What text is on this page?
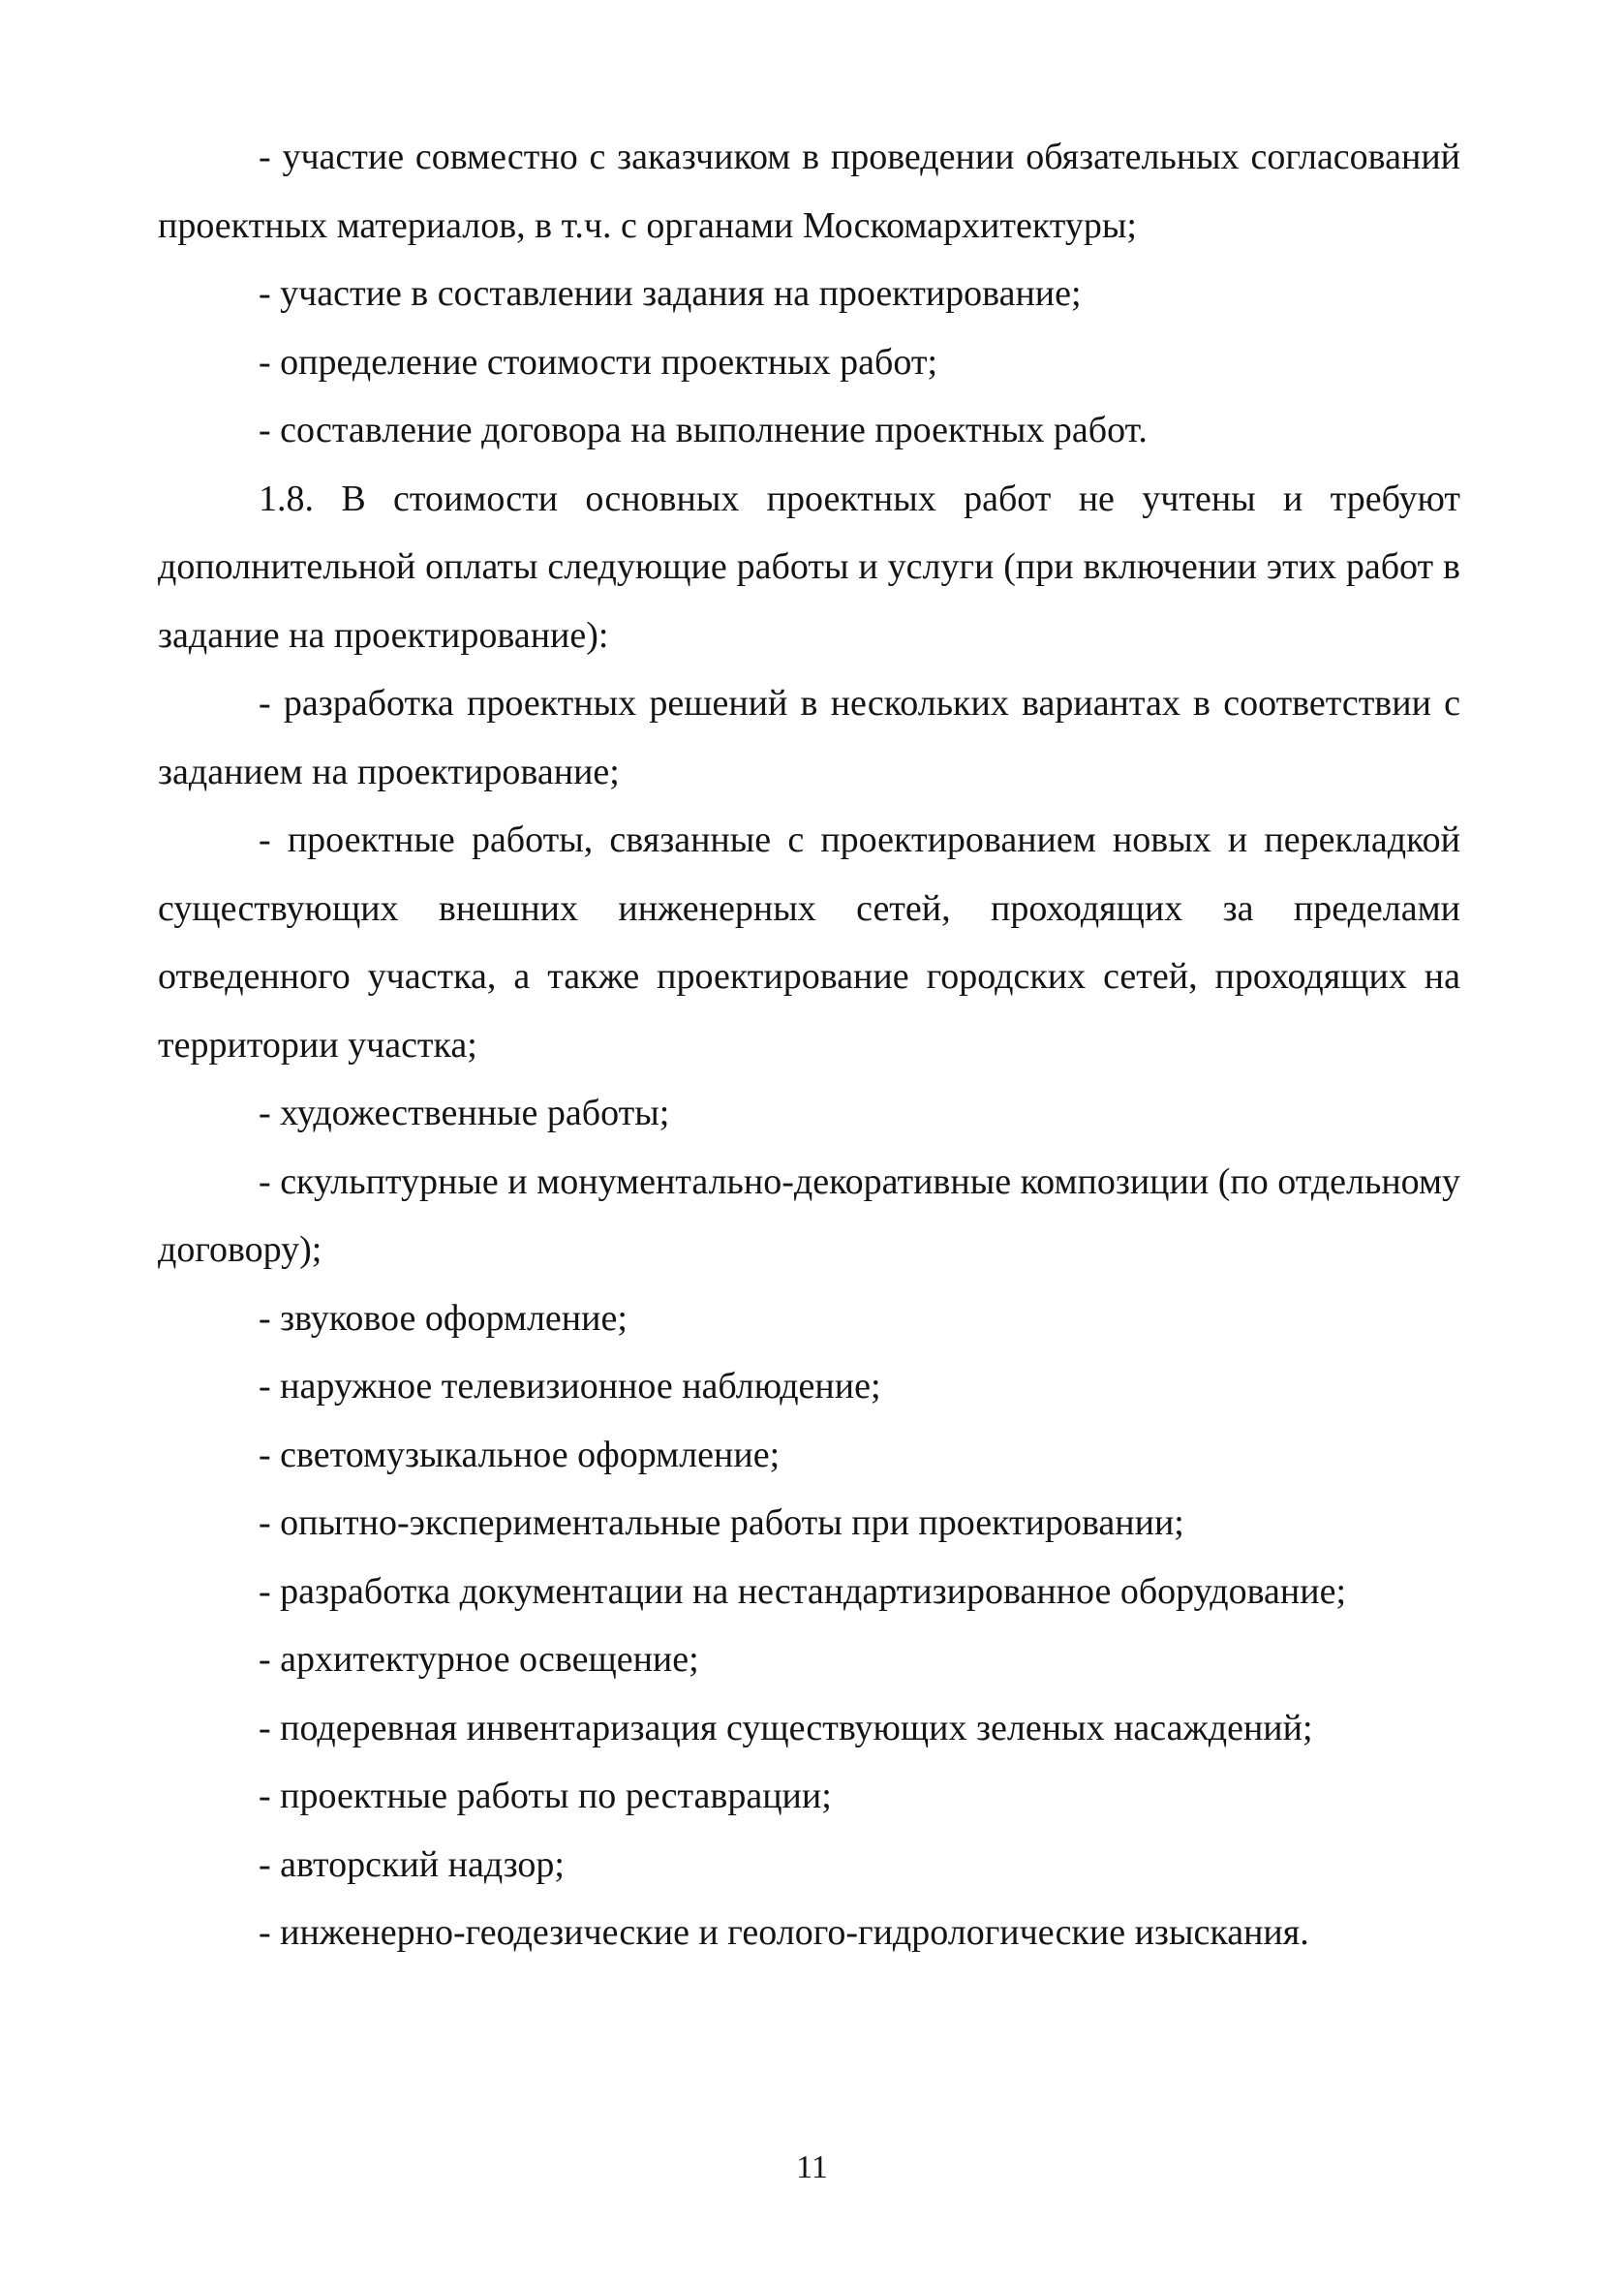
- участие совместно с заказчиком в проведении обязательных согласований проектных материалов, в т.ч. с органами Москомархитектуры;

- участие в составлении задания на проектирование;

- определение стоимости проектных работ;

- составление договора на выполнение проектных работ.

1.8. В стоимости основных проектных работ не учтены и требуют дополнительной оплаты следующие работы и услуги (при включении этих работ в задание на проектирование):

- разработка проектных решений в нескольких вариантах в соответствии с заданием на проектирование;

- проектные работы, связанные с проектированием новых и перекладкой существующих внешних инженерных сетей, проходящих за пределами отведенного участка, а также проектирование городских сетей, проходящих на территории участка;

- художественные работы;

- скульптурные и монументально-декоративные композиции (по отдельному договору);

- звуковое оформление;

- наружное телевизионное наблюдение;

- светомузыкальное оформление;

- опытно-экспериментальные работы при проектировании;

- разработка документации на нестандартизированное оборудование;

- архитектурное освещение;

- подеревная инвентаризация существующих зеленых насаждений;

- проектные работы по реставрации;

- авторский надзор;

- инженерно-геодезические и геолого-гидрологические изыскания.

11
